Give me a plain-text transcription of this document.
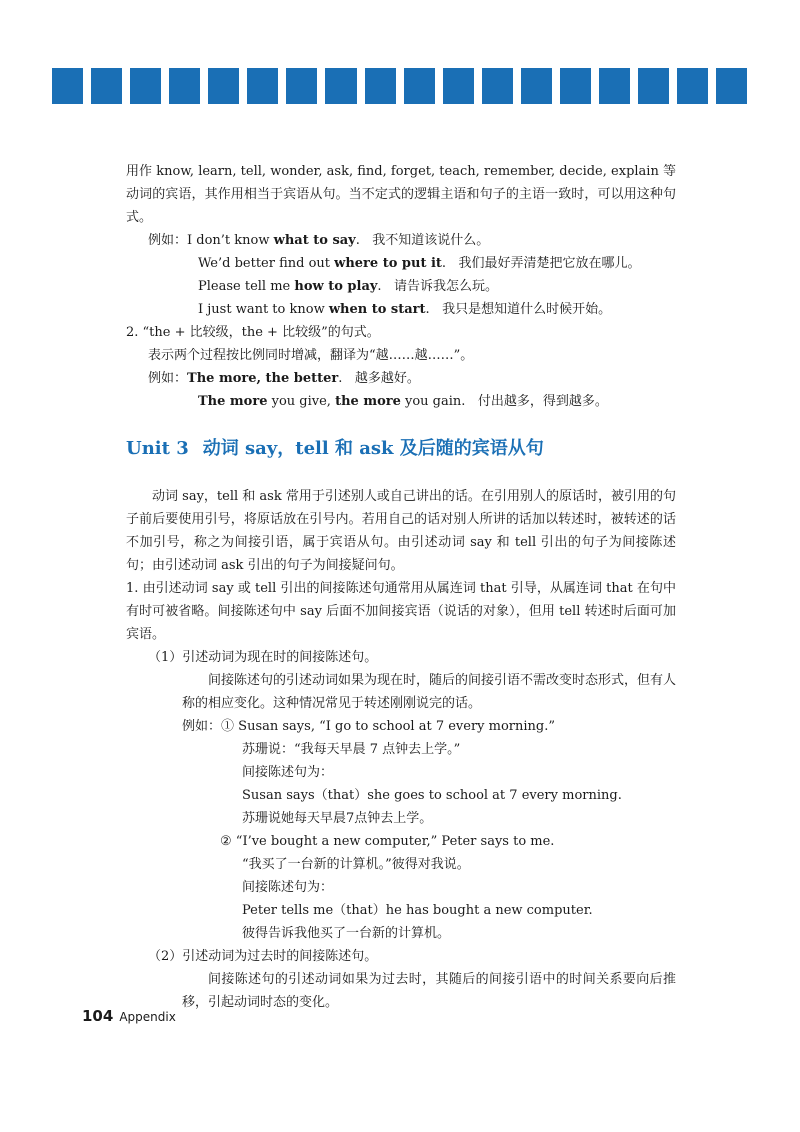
用作 know, learn, tell, wonder, ask, find, forget, teach, remember, decide, explain 等动词的宾语，其作用相当于宾语从句。当不定式的逻辑主语和句子的主语一致时，可以用这种句式。
例如：I don’t know what to say. 我不知道该说什么。
We’d better find out where to put it. 我们最好弄清楚把它放在哪儿。
Please tell me how to play. 请告诉我怎么玩。
I just want to know when to start. 我只是想知道什么时候开始。
2. “the + 比较级，the + 比较级”的句式。
表示两个过程按比例同时增减，翻译为“越……越……”。
例如：The more, the better. 越多越好。
The more you give, the more you gain. 付出越多，得到越多。
Unit 3 动词 say，tell 和 ask 及后随的宾语从句
动词 say，tell 和 ask 常用于引述别人或自己讲出的话。在引用别人的原话时，被引用的句子前后要使用引号，将原话放在引号内。若用自己的话对别人所讲的话加以转述时，被转述的话不加引号，称之为间接引语，属于宾语从句。由引述动词 say 和 tell 引出的句子为间接陈述句；由引述动词 ask 引出的句子为间接疑问句。
1. 由引述动词 say 或 tell 引出的间接陈述句通常用从属连词 that 引导，从属连词 that 在句中有时可被省略。间接陈述句中 say 后面不加间接宾语（说话的对象），但用 tell 转述时后面可加宾语。
（1）引述动词为现在时的间接陈述句。
间接陈述句的引述动词如果为现在时，随后的间接引语不需改变时态形式，但有人称的相应变化。这种情况常见于转述刚刚说完的话。
例如：① Susan says, “I go to school at 7 every morning.”
苏珊说：“我每天早晨 7 点钟去上学。”
间接陈述句为：
Susan says（that）she goes to school at 7 every morning.
苏珊说她每天早晨7点钟去上学。
② “I’ve bought a new computer,” Peter says to me.
“我买了一台新的计算机。”彼得对我说。
间接陈述句为：
Peter tells me（that）he has bought a new computer.
彼得告诉我他买了一台新的计算机。
（2）引述动词为过去时的间接陈述句。
间接陈述句的引述动词如果为过去时，其随后的间接引语中的时间关系要向后推移，引起动词时态的变化。
104 Appendix
